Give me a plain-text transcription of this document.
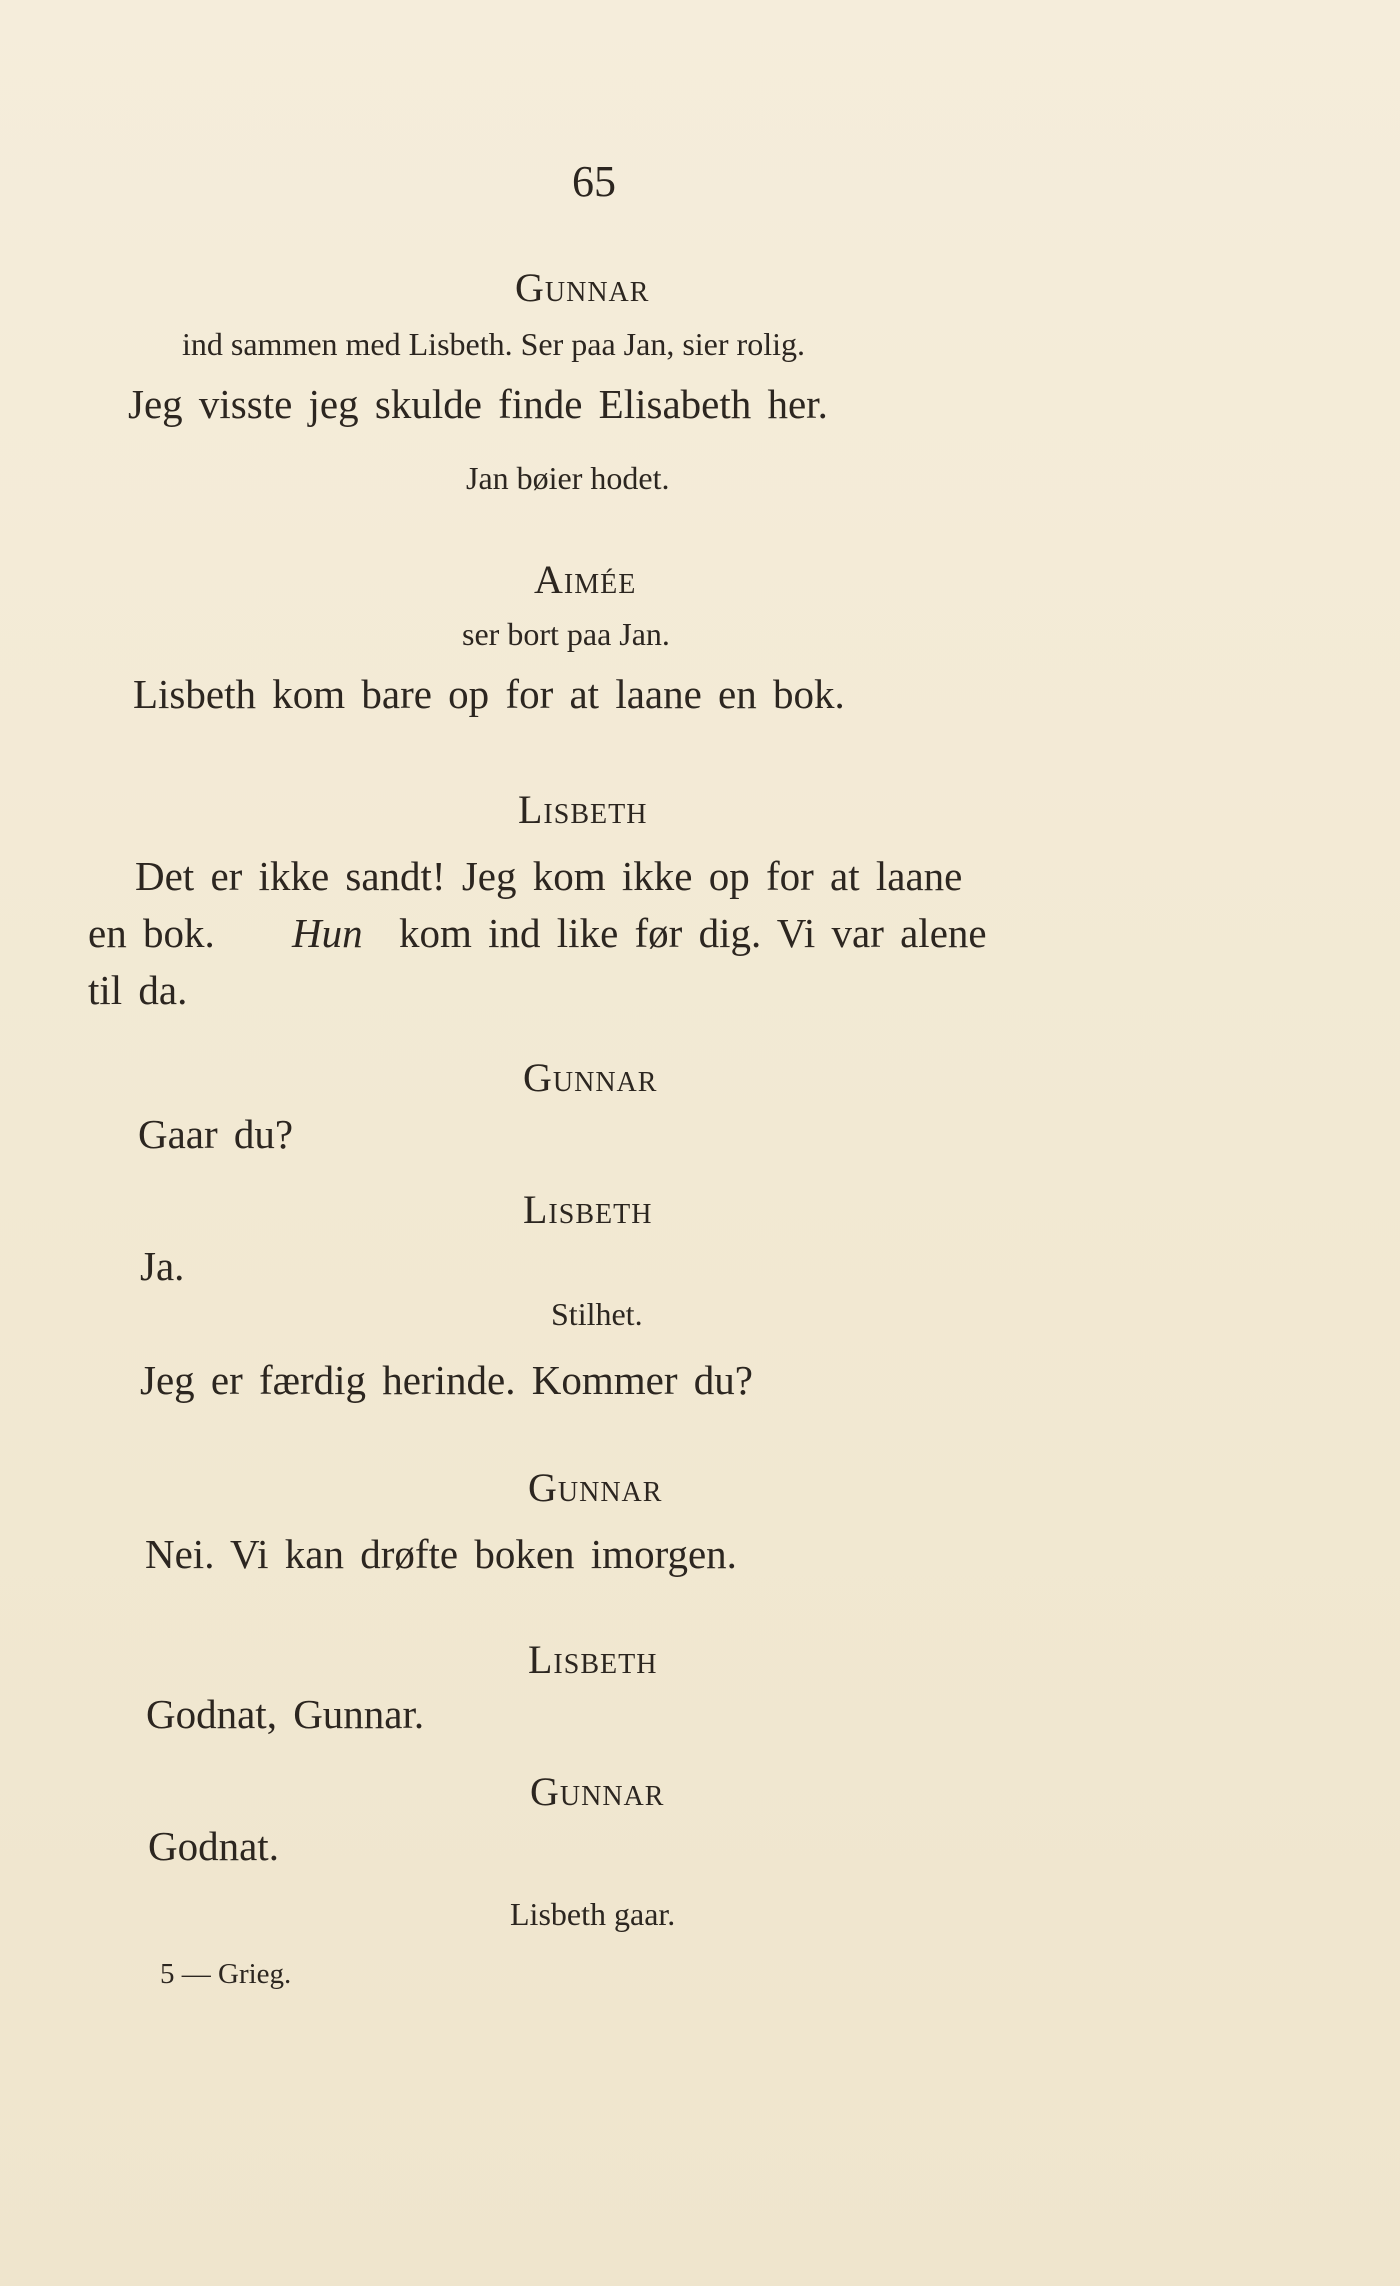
65
Gunnar
ind sammen med Lisbeth. Ser paa Jan, sier rolig.
Jeg visste jeg skulde finde Elisabeth her.
Jan bøier hodet.
Aimée
ser bort paa Jan.
Lisbeth kom bare op for at laane en bok.
Lisbeth
Det er ikke sandt! Jeg kom ikke op for at laane
en bok. Hun kom ind like før dig. Vi var alene
til da.
Gunnar
Gaar du?
Lisbeth
Ja.
Stilhet.
Jeg er færdig herinde. Kommer du?
Gunnar
Nei. Vi kan drøfte boken imorgen.
Lisbeth
Godnat, Gunnar.
Gunnar
Godnat.
Lisbeth gaar.
5 — Grieg.
